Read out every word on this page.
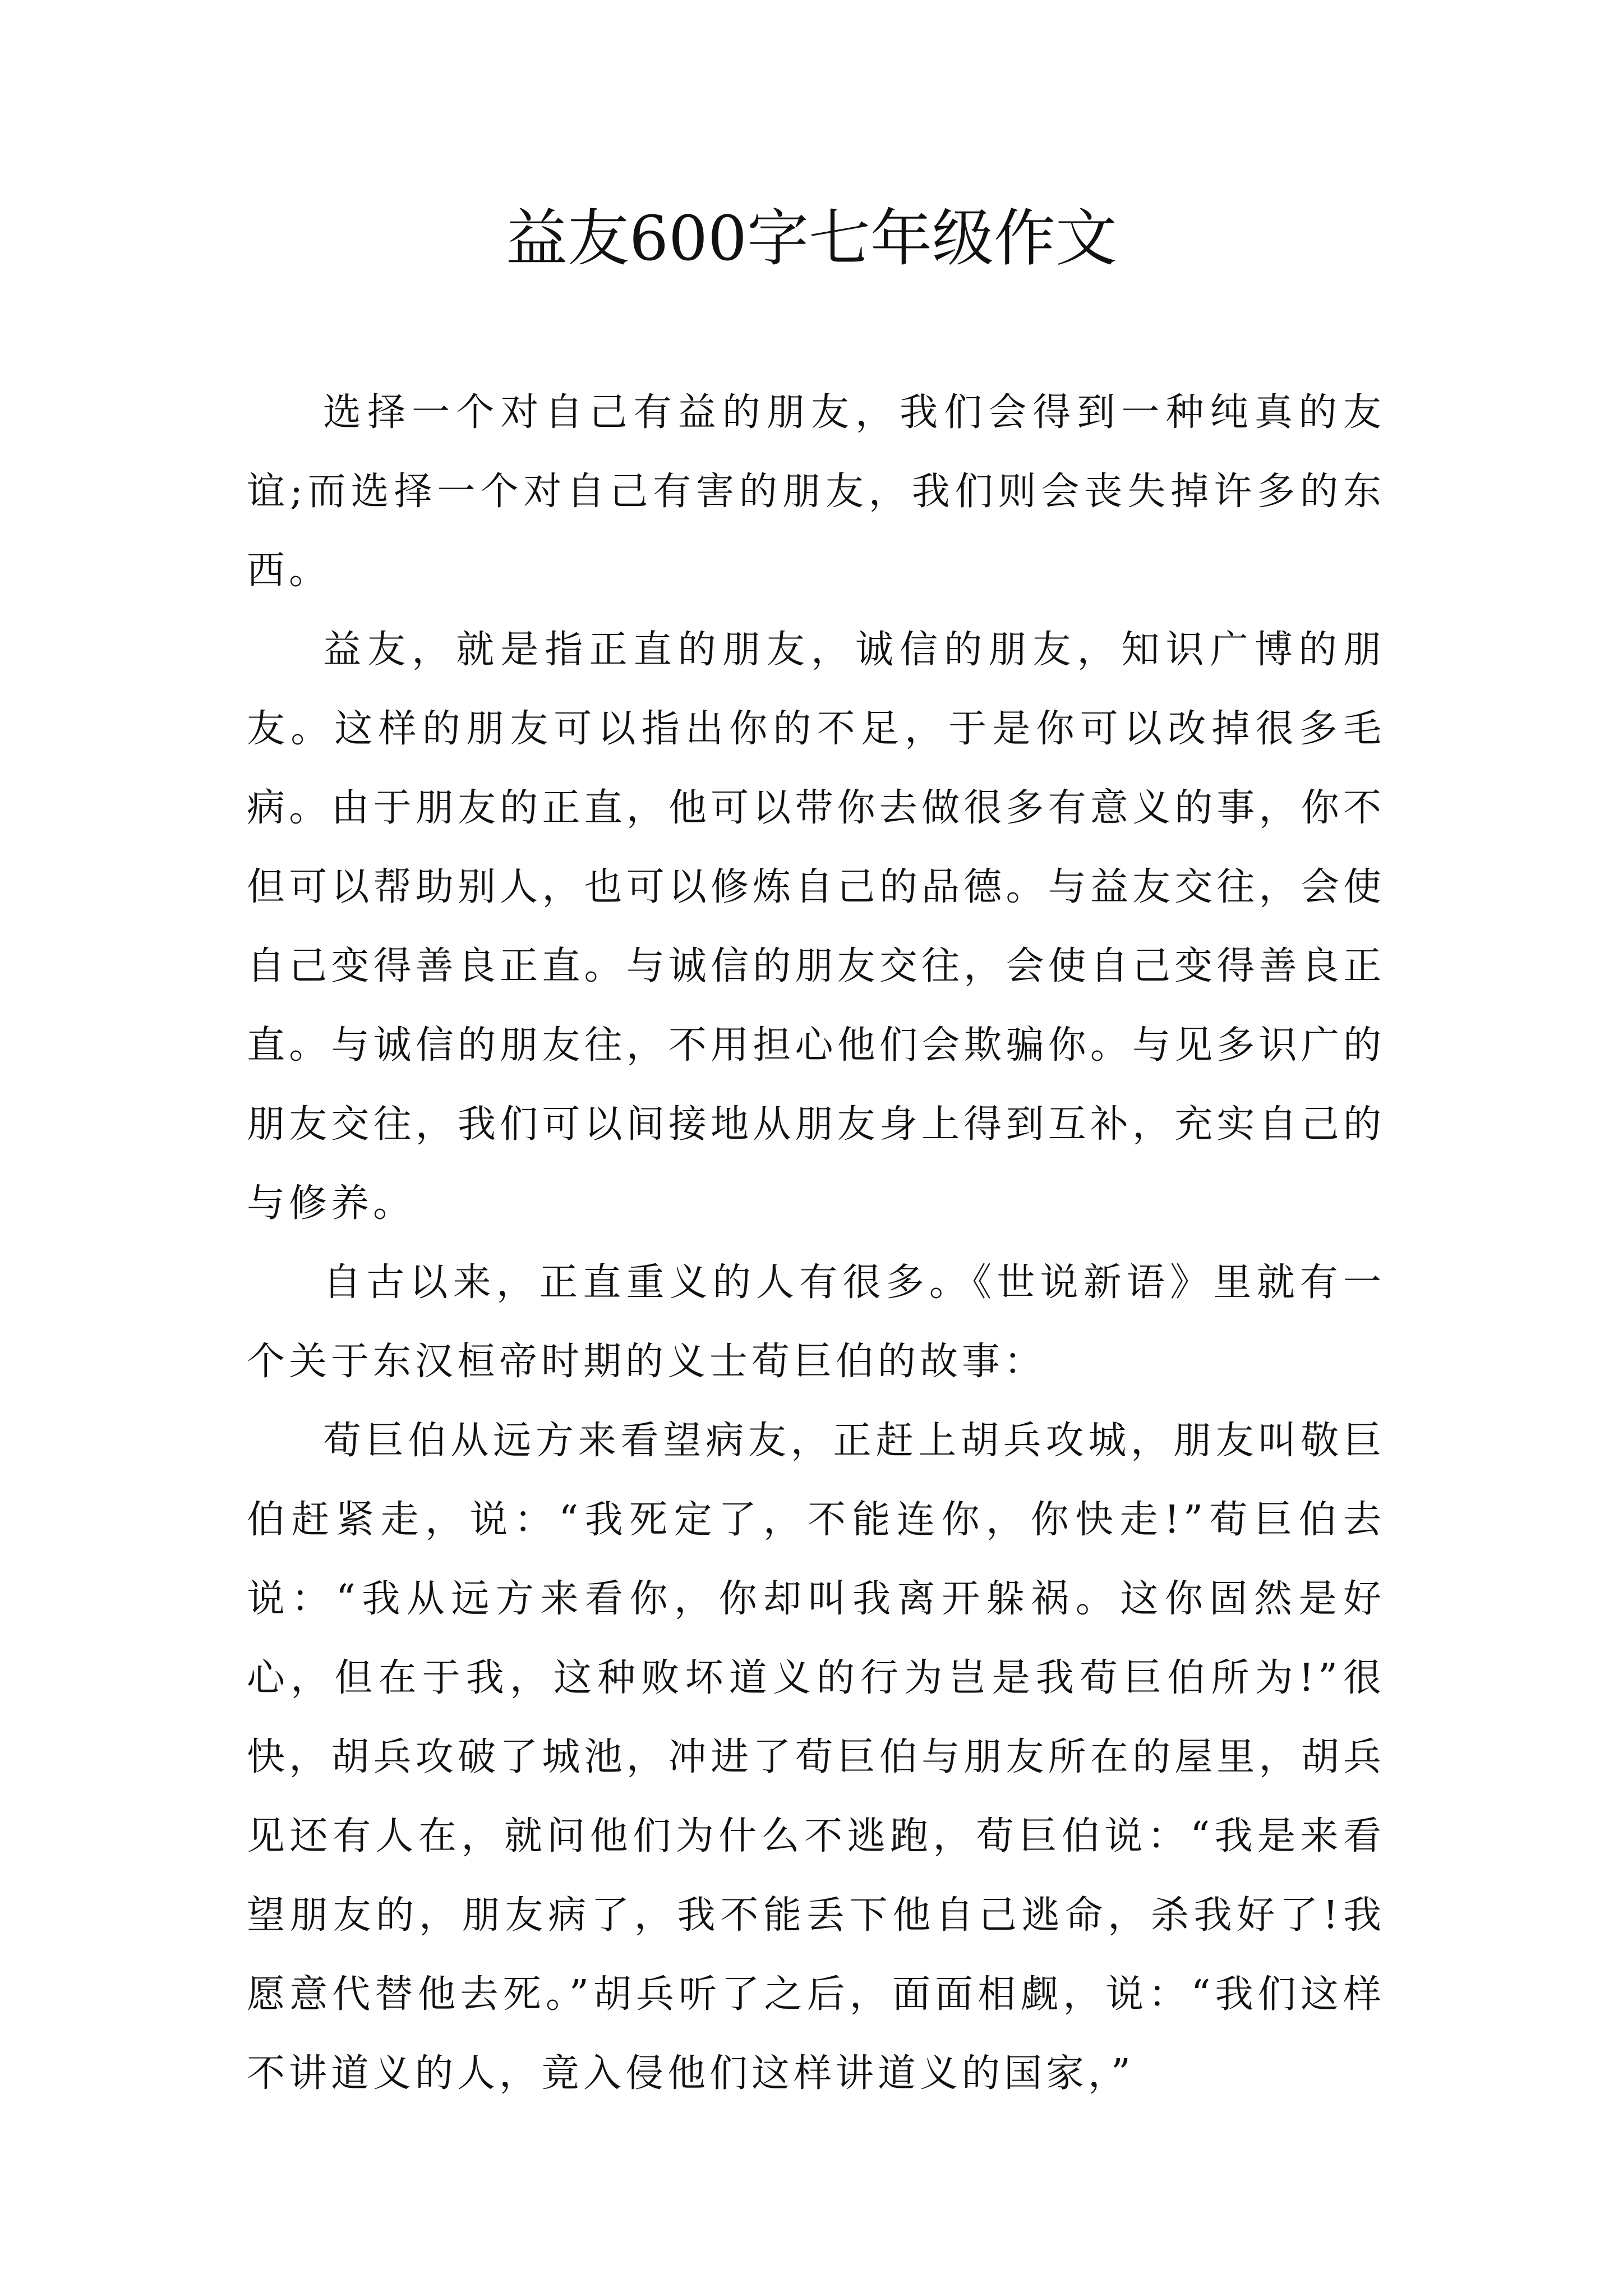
益友600字七年级作文

选择一个对自己有益的朋友，我们会得到一种纯真的友谊;而选择一个对自己有害的朋友，我们则会丧失掉许多的东西。

益友，就是指正直的朋友，诚信的朋友，知识广博的朋友。这样的朋友可以指出你的不足，于是你可以改掉很多毛病。由于朋友的正直，他可以带你去做很多有意义的事，你不但可以帮助别人，也可以修炼自己的品德。与益友交往，会使自己变得善良正直。与诚信的朋友交往，会使自己变得善良正直。与诚信的朋友往，不用担心他们会欺骗你。与见多识广的朋友交往，我们可以间接地从朋友身上得到互补，充实自己的与修养。

自古以来，正直重义的人有很多。《世说新语》里就有一个关于东汉桓帝时期的义士荀巨伯的故事：

荀巨伯从远方来看望病友，正赶上胡兵攻城，朋友叫敬巨伯赶紧走，说：“我死定了，不能连你，你快走!”荀巨伯去说：“我从远方来看你，你却叫我离开躲祸。这你固然是好心，但在于我，这种败坏道义的行为岂是我荀巨伯所为!”很快，胡兵攻破了城池，冲进了荀巨伯与朋友所在的屋里，胡兵见还有人在，就问他们为什么不逃跑，荀巨伯说：“我是来看望朋友的，朋友病了，我不能丢下他自己逃命，杀我好了!我愿意代替他去死。”胡兵听了之后，面面相觑，说：“我们这样不讲道义的人，竟入侵他们这样讲道义的国家，”
